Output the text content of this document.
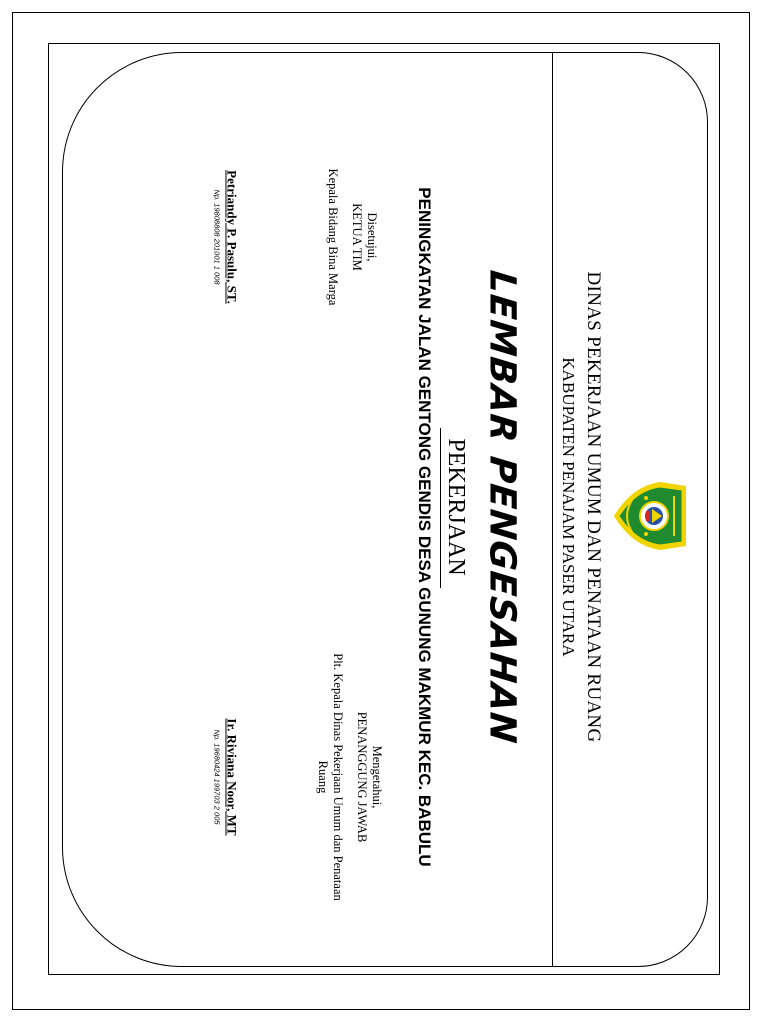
DINAS PEKERJAAN UMUM DAN PENATAAN RUANG
KABUPATEN PENAJAM PASER UTARA
LEMBAR PENGESAHAN
PEKERJAAN
PENINGKATAN JALAN GENTONG GENDIS DESA GUNUNG MAKMUR KEC. BABULU
Disetujui,
KETUA TIM
Kepala Bidang Bina Marga
Petriandy P. Pasulu, ST.
Np. 19808808 201001 1 008
Mengetahui,
PENANGGUNG JAWAB
Plt. Kepala Dinas Pekerjaan Umum dan Penataan
Ruang
Ir. Riviana Noor, MT
Np. 19680424 199703 2 005
